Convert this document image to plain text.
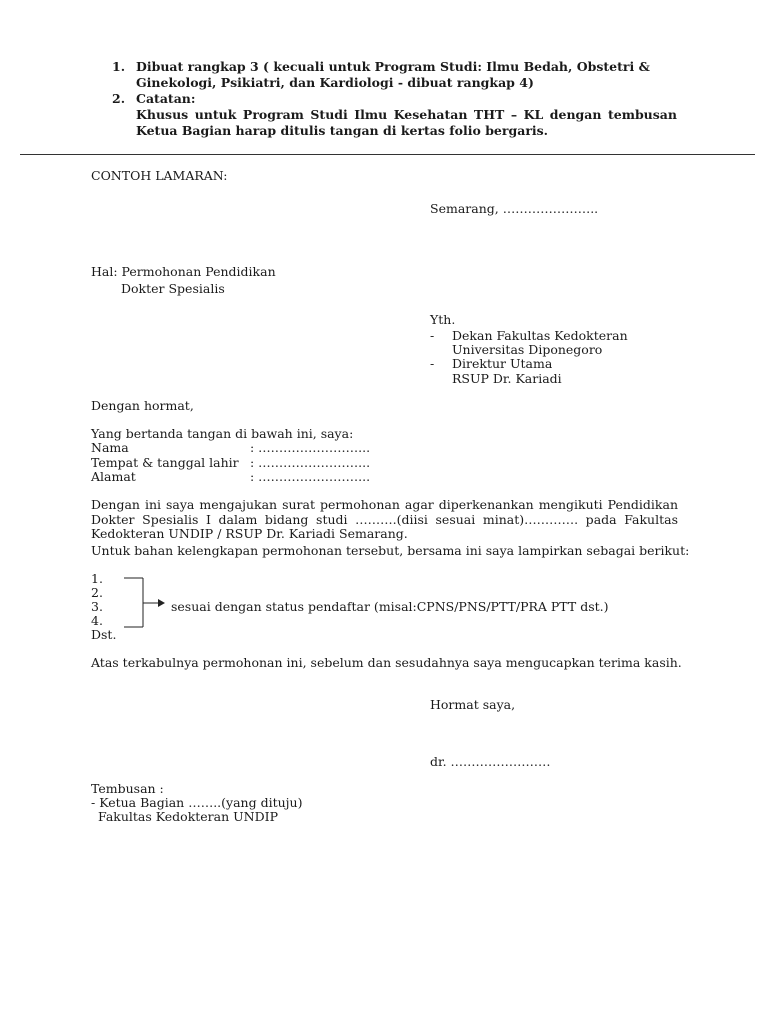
1. Dibuat rangkap 3 ( kecuali untuk Program Studi: Ilmu Bedah, Obstetri &
Ginekologi, Psikiatri, dan Kardiologi - dibuat rangkap 4)
2. Catatan:
Khusus untuk Program Studi Ilmu Kesehatan THT – KL dengan tembusan Ketua Bagian harap ditulis tangan di kertas folio bergaris.
CONTOH LAMARAN:
Semarang, …………………..
Hal: Permohonan Pendidikan
Dokter Spesialis
Yth.
- Dekan Fakultas Kedokteran
Universitas Diponegoro
- Direktur Utama
RSUP Dr. Kariadi
Dengan hormat,
Yang bertanda tangan di bawah ini, saya:
Nama	: ……………………...
Tempat & tanggal lahir : ……………………...
Alamat	: ……………………...
Dengan ini saya mengajukan surat permohonan agar diperkenankan mengikuti Pendidikan Dokter Spesialis I dalam bidang studi ……….(diisi sesuai minat)…………. pada Fakultas Kedokteran UNDIP / RSUP Dr. Kariadi Semarang.
Untuk bahan kelengkapan permohonan tersebut, bersama ini saya lampirkan sebagai berikut:
1.
2.
3.
4.
Dst.
sesuai dengan status pendaftar (misal:CPNS/PNS/PTT/PRA PTT dst.)
Atas terkabulnya permohonan ini, sebelum dan sesudahnya saya mengucapkan terima kasih.
Hormat saya,
dr. ……………………
Tembusan :
- Ketua Bagian ……..(yang dituju)
Fakultas Kedokteran UNDIP
